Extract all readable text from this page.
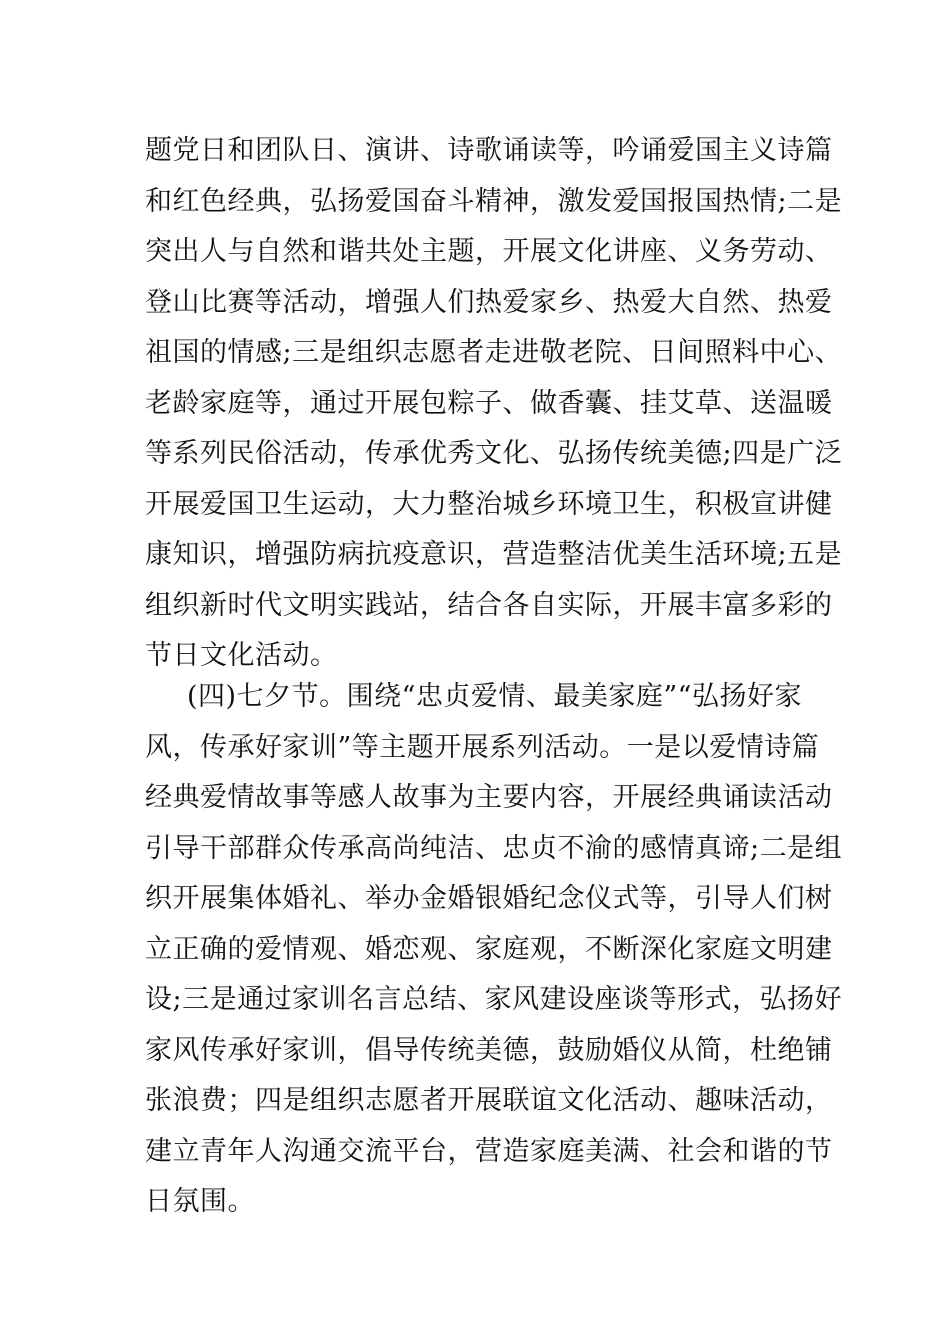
题党日和团队日、演讲、诗歌诵读等，吟诵爱国主义诗篇
和红色经典，弘扬爱国奋斗精神，激发爱国报国热情;二是
突出人与自然和谐共处主题，开展文化讲座、义务劳动、
登山比赛等活动，增强人们热爱家乡、热爱大自然、热爱
祖国的情感;三是组织志愿者走进敬老院、日间照料中心、
老龄家庭等，通过开展包粽子、做香囊、挂艾草、送温暖
等系列民俗活动，传承优秀文化、弘扬传统美德;四是广泛
开展爱国卫生运动，大力整治城乡环境卫生，积极宣讲健
康知识，增强防病抗疫意识，营造整洁优美生活环境;五是
组织新时代文明实践站，结合各自实际，开展丰富多彩的
节日文化活动。
(四)七夕节。围绕“忠贞爱情、最美家庭”“弘扬好家
风，传承好家训”等主题开展系列活动。一是以爱情诗篇
经典爱情故事等感人故事为主要内容，开展经典诵读活动
引导干部群众传承高尚纯洁、忠贞不渝的感情真谛;二是组
织开展集体婚礼、举办金婚银婚纪念仪式等，引导人们树
立正确的爱情观、婚恋观、家庭观，不断深化家庭文明建
设;三是通过家训名言总结、家风建设座谈等形式，弘扬好
家风传承好家训，倡导传统美德，鼓励婚仪从简，杜绝铺
张浪费；四是组织志愿者开展联谊文化活动、趣味活动，
建立青年人沟通交流平台，营造家庭美满、社会和谐的节
日氛围。
